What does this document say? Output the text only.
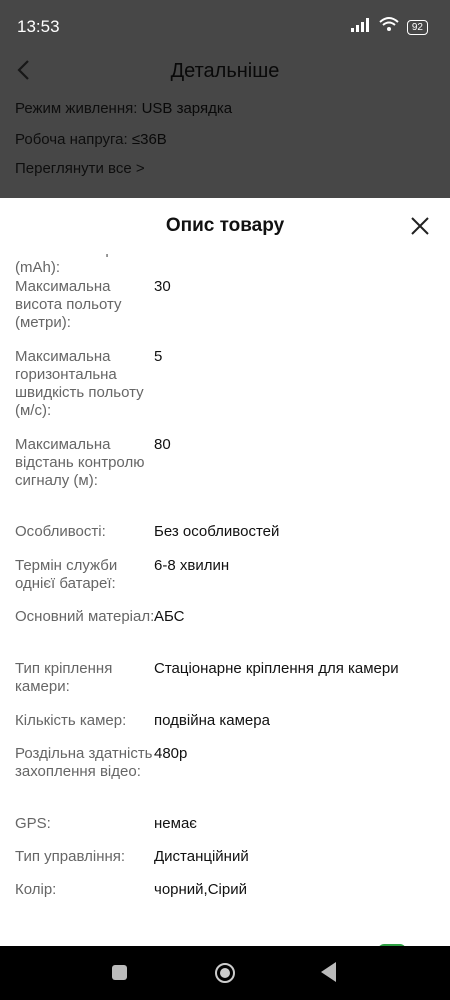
13:53	92
Опис товару
(mAh):
Максимальна висота польоту (метри):
30
Максимальна горизонтальна швидкість польоту (м/с):
5
Максимальна відстань контролю сигналу (м):
80
Особливості:	Без особливостей
Термін служби однієї батареї:
6-8 хвилин
Основний матеріал: АБС
Тип кріплення камери:
Стаціонарне кріплення для камери
Кількість камер:	подвійна камера
Роздільна здатність захоплення відео:
480p
GPS:	немає
Тип управління:	Дистанційний
Колір:	чорний,Сірий
